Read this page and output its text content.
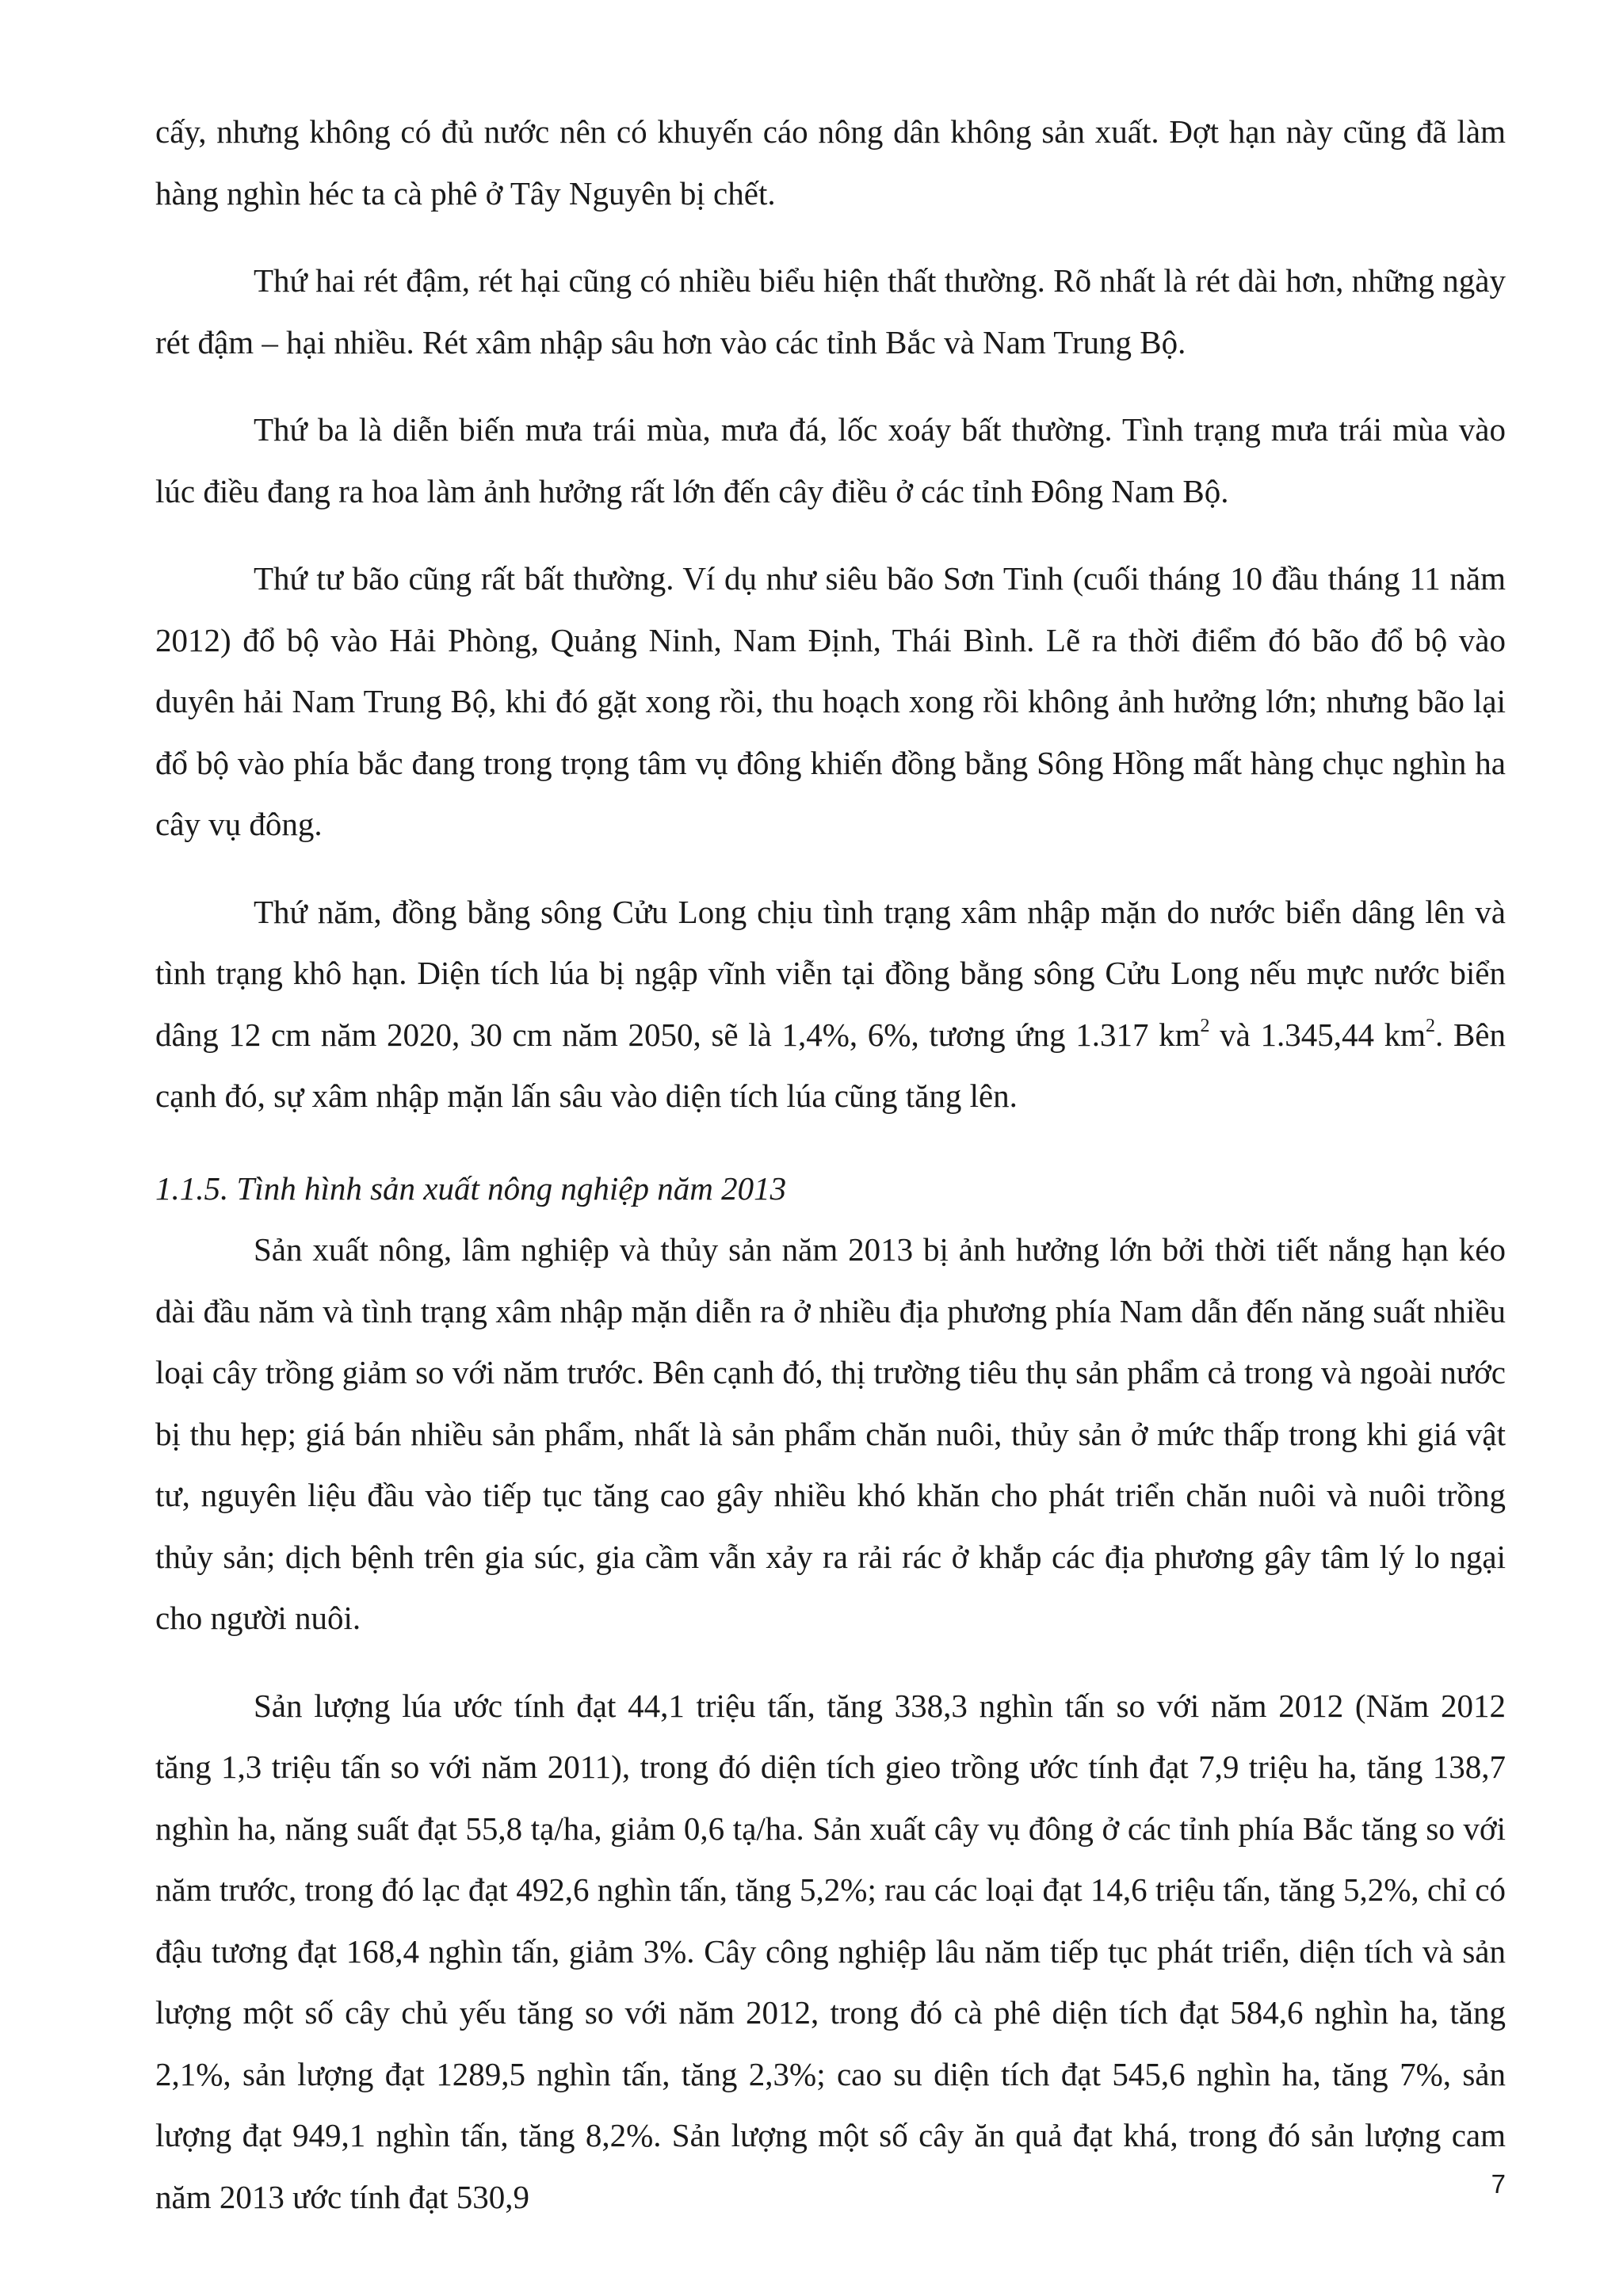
cấy, nhưng không có đủ nước nên có khuyến cáo nông dân không sản xuất. Đợt hạn này cũng đã làm hàng nghìn héc ta cà phê ở Tây Nguyên bị chết.

Thứ hai rét đậm, rét hại cũng có nhiều biểu hiện thất thường. Rõ nhất là rét dài hơn, những ngày rét đậm – hại nhiều. Rét xâm nhập sâu hơn vào các tỉnh Bắc và Nam Trung Bộ.

Thứ ba là diễn biến mưa trái mùa, mưa đá, lốc xoáy bất thường. Tình trạng mưa trái mùa vào lúc điều đang ra hoa làm ảnh hưởng rất lớn đến cây điều ở các tỉnh Đông Nam Bộ.

Thứ tư bão cũng rất bất thường. Ví dụ như siêu bão Sơn Tinh (cuối tháng 10 đầu tháng 11 năm 2012) đổ bộ vào Hải Phòng, Quảng Ninh, Nam Định, Thái Bình. Lẽ ra thời điểm đó bão đổ bộ vào duyên hải Nam Trung Bộ, khi đó gặt xong rồi, thu hoạch xong rồi không ảnh hưởng lớn; nhưng bão lại đổ bộ vào phía bắc đang trong trọng tâm vụ đông khiến đồng bằng Sông Hồng mất hàng chục nghìn ha cây vụ đông.

Thứ năm, đồng bằng sông Cửu Long chịu tình trạng xâm nhập mặn do nước biển dâng lên và tình trạng khô hạn. Diện tích lúa bị ngập vĩnh viễn tại đồng bằng sông Cửu Long nếu mực nước biển dâng 12 cm năm 2020, 30 cm năm 2050, sẽ là 1,4%, 6%, tương ứng 1.317 $km^2$ và 1.345,44 $km^2$. Bên cạnh đó, sự xâm nhập mặn lấn sâu vào diện tích lúa cũng tăng lên.

1.1.5. Tình hình sản xuất nông nghiệp năm 2013

Sản xuất nông, lâm nghiệp và thủy sản năm 2013 bị ảnh hưởng lớn bởi thời tiết nắng hạn kéo dài đầu năm và tình trạng xâm nhập mặn diễn ra ở nhiều địa phương phía Nam dẫn đến năng suất nhiều loại cây trồng giảm so với năm trước. Bên cạnh đó, thị trường tiêu thụ sản phẩm cả trong và ngoài nước bị thu hẹp; giá bán nhiều sản phẩm, nhất là sản phẩm chăn nuôi, thủy sản ở mức thấp trong khi giá vật tư, nguyên liệu đầu vào tiếp tục tăng cao gây nhiều khó khăn cho phát triển chăn nuôi và nuôi trồng thủy sản; dịch bệnh trên gia súc, gia cầm vẫn xảy ra rải rác ở khắp các địa phương gây tâm lý lo ngại cho người nuôi.

Sản lượng lúa ước tính đạt 44,1 triệu tấn, tăng 338,3 nghìn tấn so với năm 2012 (Năm 2012 tăng 1,3 triệu tấn so với năm 2011), trong đó diện tích gieo trồng ước tính đạt 7,9 triệu ha, tăng 138,7 nghìn ha, năng suất đạt 55,8 tạ/ha, giảm 0,6 tạ/ha. Sản xuất cây vụ đông ở các tỉnh phía Bắc tăng so với năm trước, trong đó lạc đạt 492,6 nghìn tấn, tăng 5,2%; rau các loại đạt 14,6 triệu tấn, tăng 5,2%, chỉ có đậu tương đạt 168,4 nghìn tấn, giảm 3%. Cây công nghiệp lâu năm tiếp tục phát triển, diện tích và sản lượng một số cây chủ yếu tăng so với năm 2012, trong đó cà phê diện tích đạt 584,6 nghìn ha, tăng 2,1%, sản lượng đạt 1289,5 nghìn tấn, tăng 2,3%; cao su diện tích đạt 545,6 nghìn ha, tăng 7%, sản lượng đạt 949,1 nghìn tấn, tăng 8,2%. Sản lượng một số cây ăn quả đạt khá, trong đó sản lượng cam năm 2013 ước tính đạt 530,9	7
